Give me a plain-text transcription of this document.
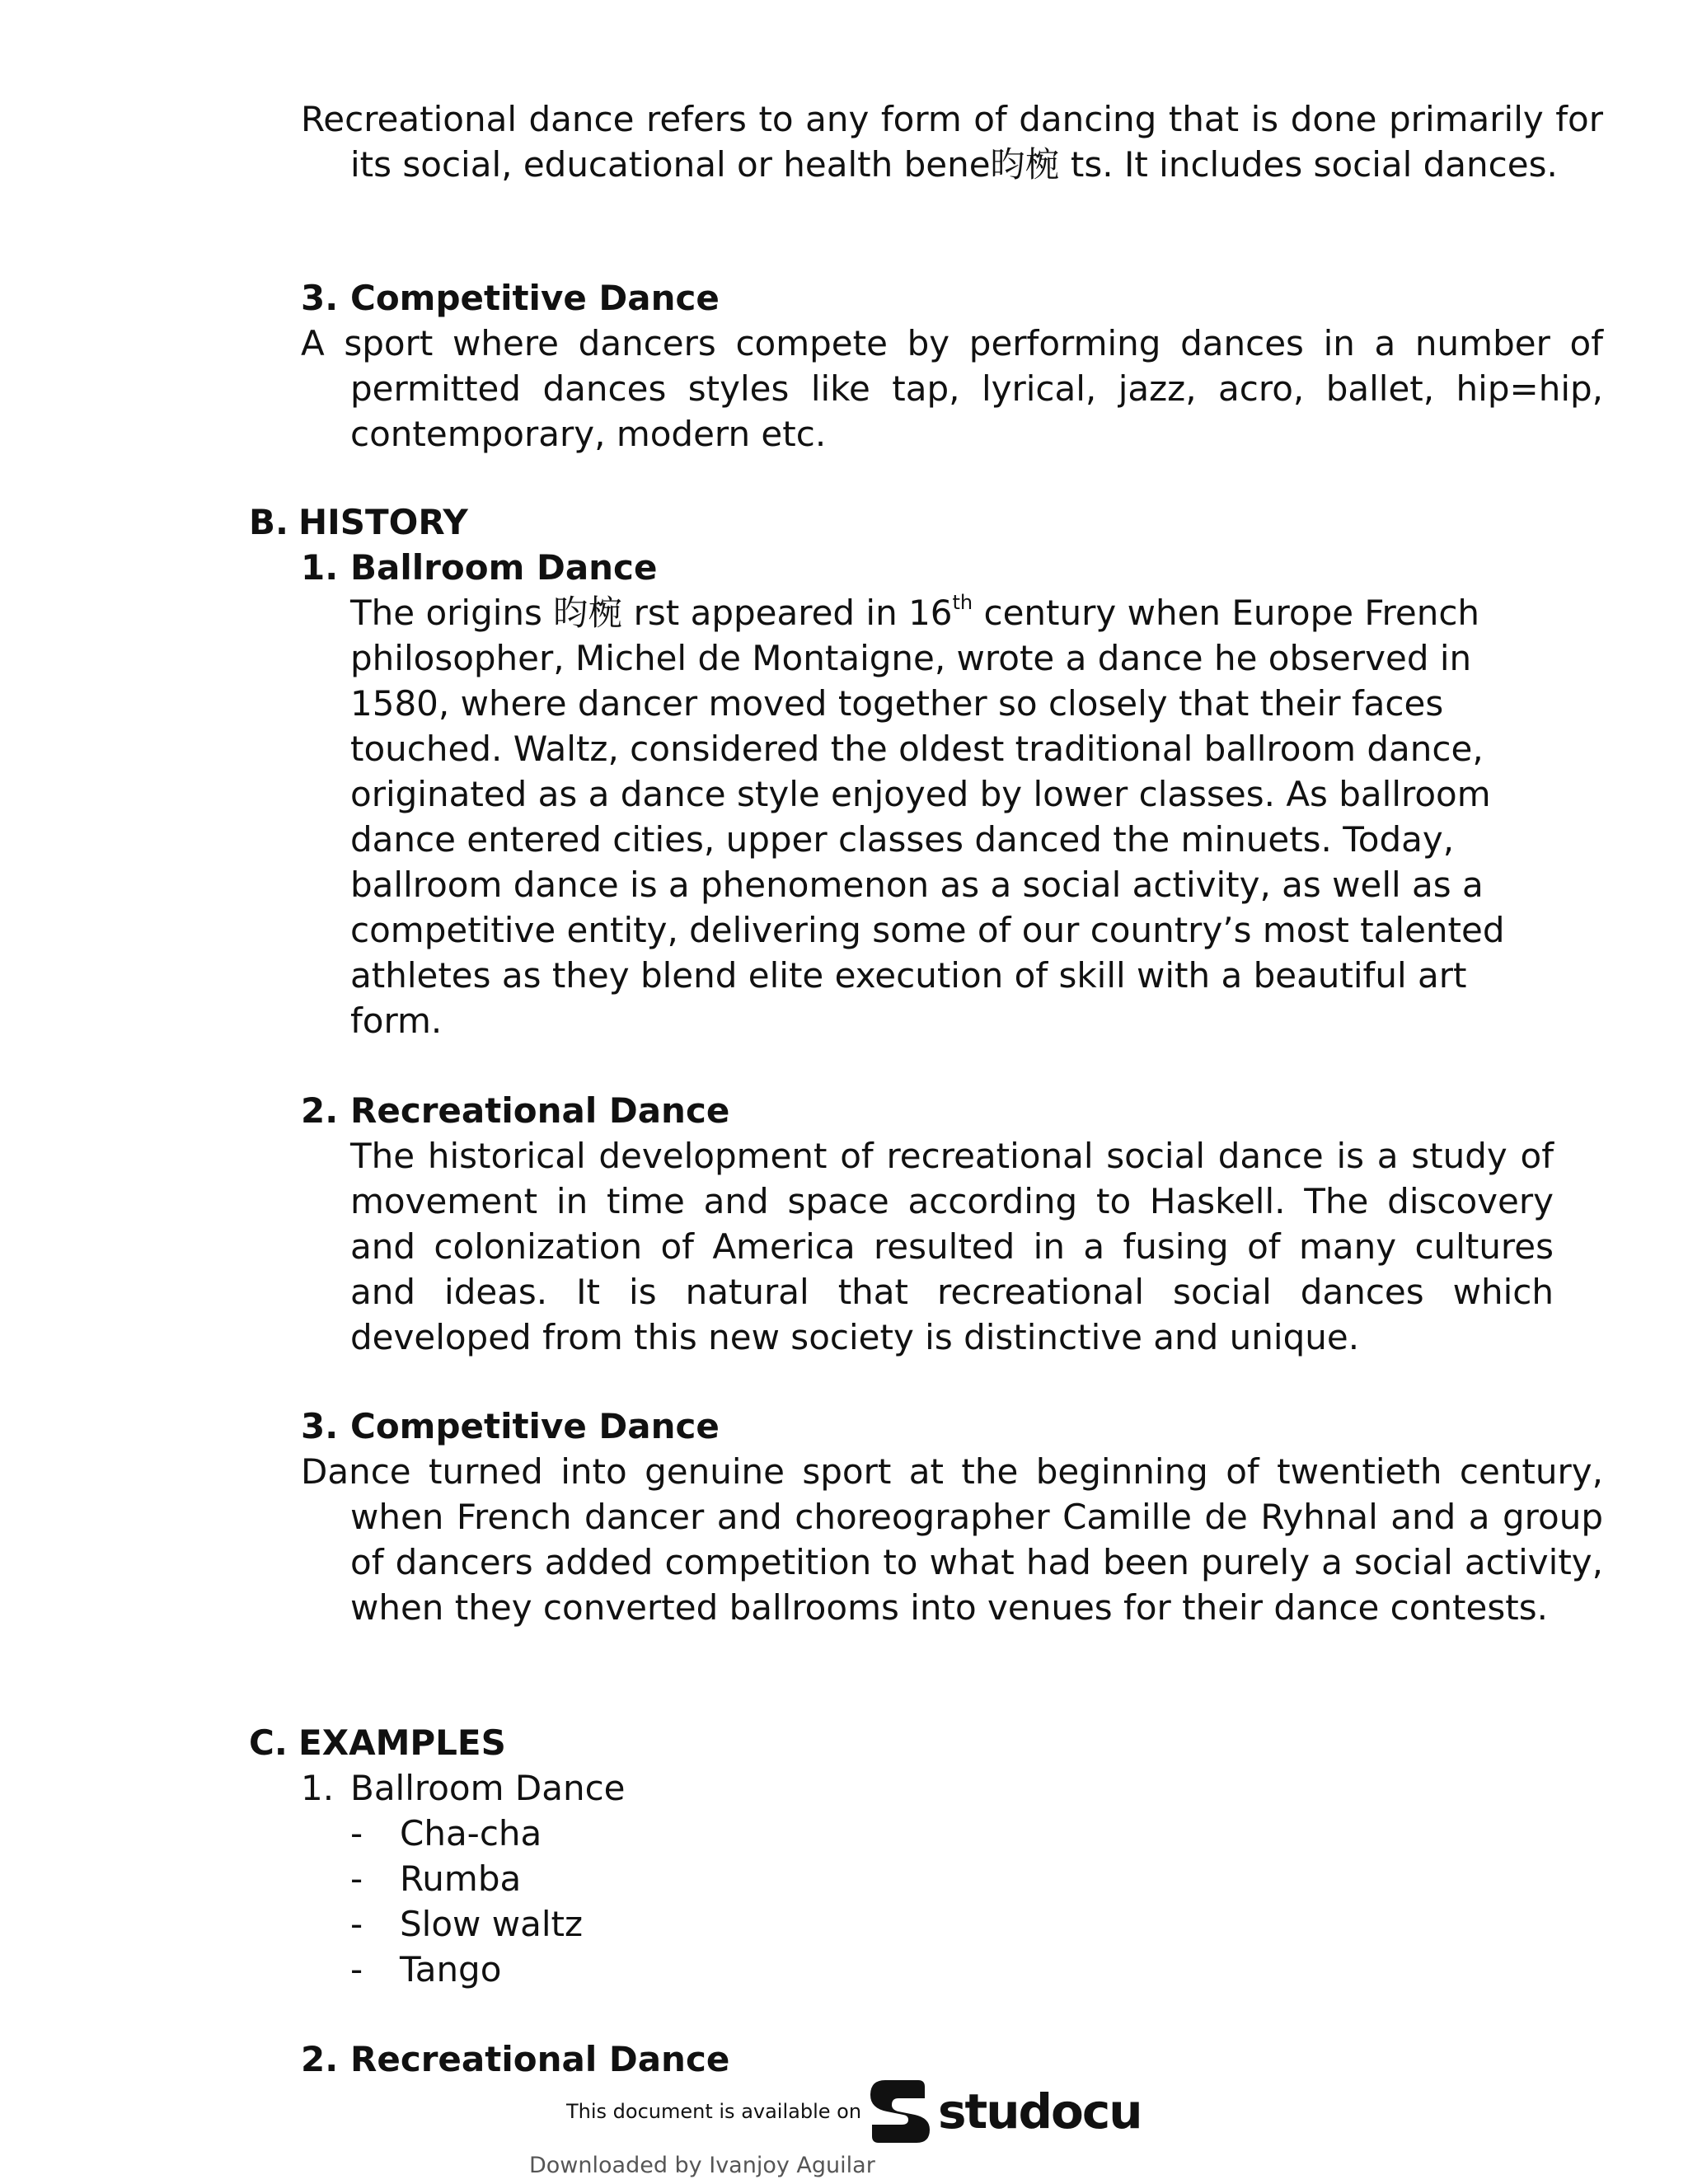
Recreational dance refers to any form of dancing that is done primarily for its social, educational or health bene昀椀 ts. It includes social dances.

3. Competitive Dance

A sport where dancers compete by performing dances in a number of permitted dances styles like tap, lyrical, jazz, acro, ballet, hip=hip, contemporary, modern etc.

B. HISTORY
1. Ballroom Dance

The origins 昀椀 rst appeared in 16th century when Europe French philosopher, Michel de Montaigne, wrote a dance he observed in 1580, where dancer moved together so closely that their faces touched. Waltz, considered the oldest traditional ballroom dance, originated as a dance style enjoyed by lower classes. As ballroom dance entered cities, upper classes danced the minuets. Today, ballroom dance is a phenomenon as a social activity, as well as a competitive entity, delivering some of our country’s most talented athletes as they blend elite execution of skill with a beautiful art form.

2. Recreational Dance

The historical development of recreational social dance is a study of movement in time and space according to Haskell. The discovery and colonization of America resulted in a fusing of many cultures and ideas. It is natural that recreational social dances which developed from this new society is distinctive and unique.

3. Competitive Dance

Dance turned into genuine sport at the beginning of twentieth century, when French dancer and choreographer Camille de Ryhnal and a group of dancers added competition to what had been purely a social activity, when they converted ballrooms into venues for their dance contests.

C. EXAMPLES
1. Ballroom Dance
- Cha-cha
- Rumba
- Slow waltz
- Tango
2. Recreational Dance
This document is available on studocu
Downloaded by Ivanjoy Aguilar
